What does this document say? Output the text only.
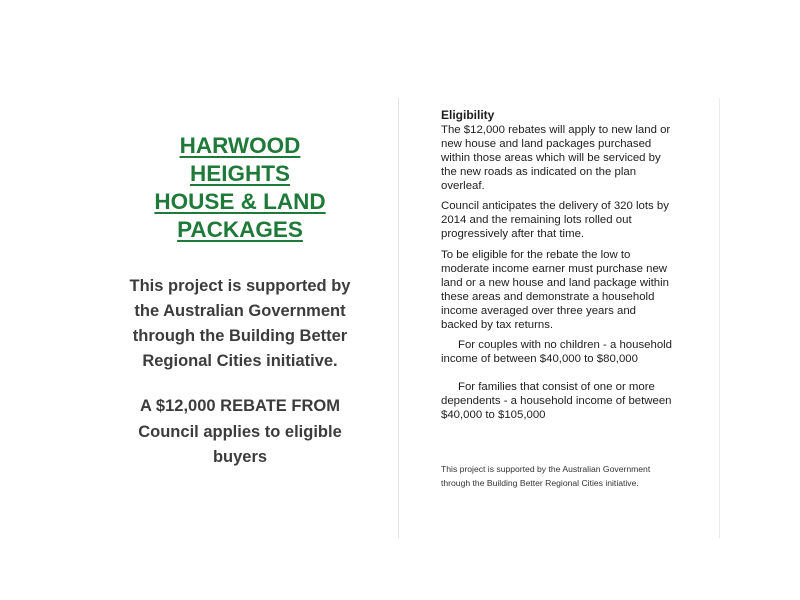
HARWOOD
HEIGHTS
HOUSE & LAND
PACKAGES
This project is supported by
the Australian Government
through the Building Better
Regional Cities initiative.
A $12,000 REBATE FROM
Council applies to eligible
buyers
Eligibility
The $12,000 rebates will apply to new land or
new house and land packages purchased
within those areas which will be serviced by
the new roads as indicated on the plan
overleaf.
Council anticipates the delivery of 320 lots by
2014 and the remaining lots rolled out
progressively after that time.
To be eligible for the rebate the low to
moderate income earner must purchase new
land or a new house and land package within
these areas and demonstrate a household
income averaged over three years and
backed by tax returns.
For couples with no children - a household
income of between $40,000 to $80,000
For families that consist of one or more
dependents - a household income of between
$40,000 to $105,000
This project is supported by the Australian Government
through the Building Better Regional Cities initiative.
